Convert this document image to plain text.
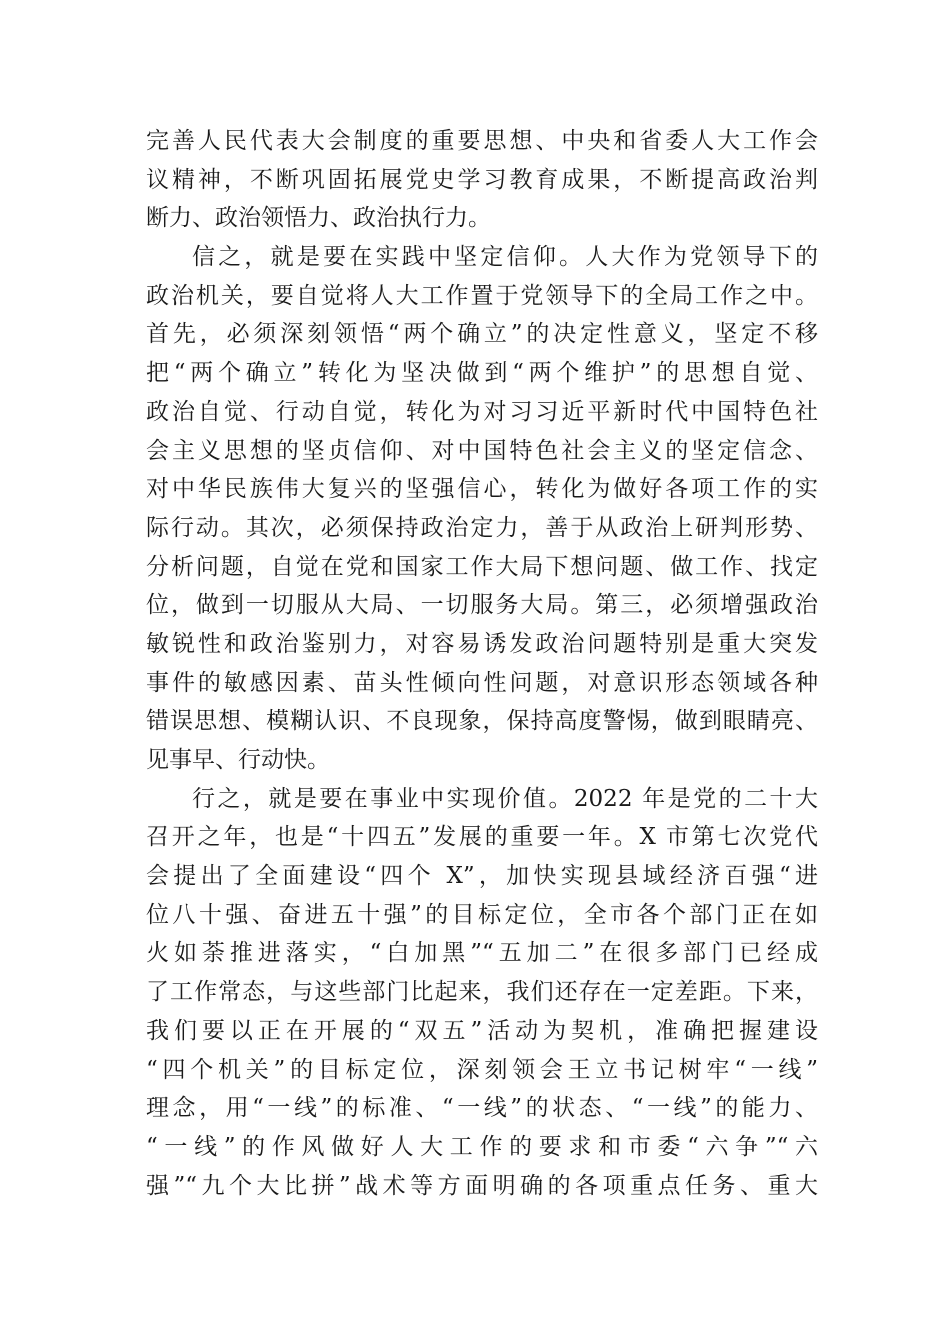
完善人民代表大会制度的重要思想、中央和省委人大工作会
议精神，不断巩固拓展党史学习教育成果，不断提高政治判
断力、政治领悟力、政治执行力。
信之，就是要在实践中坚定信仰。人大作为党领导下的
政治机关，要自觉将人大工作置于党领导下的全局工作之中。
首先，必须深刻领悟“两个确立”的决定性意义，坚定不移
把“两个确立”转化为坚决做到“两个维护”的思想自觉、
政治自觉、行动自觉，转化为对习习近平新时代中国特色社
会主义思想的坚贞信仰、对中国特色社会主义的坚定信念、
对中华民族伟大复兴的坚强信心，转化为做好各项工作的实
际行动。其次，必须保持政治定力，善于从政治上研判形势、
分析问题，自觉在党和国家工作大局下想问题、做工作、找定
位，做到一切服从大局、一切服务大局。第三，必须增强政治
敏锐性和政治鉴别力，对容易诱发政治问题特别是重大突发
事件的敏感因素、苗头性倾向性问题，对意识形态领域各种
错误思想、模糊认识、不良现象，保持高度警惕，做到眼睛亮、
见事早、行动快。
行之，就是要在事业中实现价值。2022 年是党的二十大
召开之年，也是“十四五”发展的重要一年。X 市第七次党代
会提出了全面建设“四个 X”，加快实现县域经济百强“进
位八十强、奋进五十强”的目标定位，全市各个部门正在如
火如荼推进落实，“白加黑”“五加二”在很多部门已经成
了工作常态，与这些部门比起来，我们还存在一定差距。下来，
我们要以正在开展的“双五”活动为契机，准确把握建设
“四个机关”的目标定位，深刻领会王立书记树牢“一线”
理念，用“一线”的标准、“一线”的状态、“一线”的能力、
“一线”的作风做好人大工作的要求和市委“六争”“六
强”“九个大比拼”战术等方面明确的各项重点任务、重大
